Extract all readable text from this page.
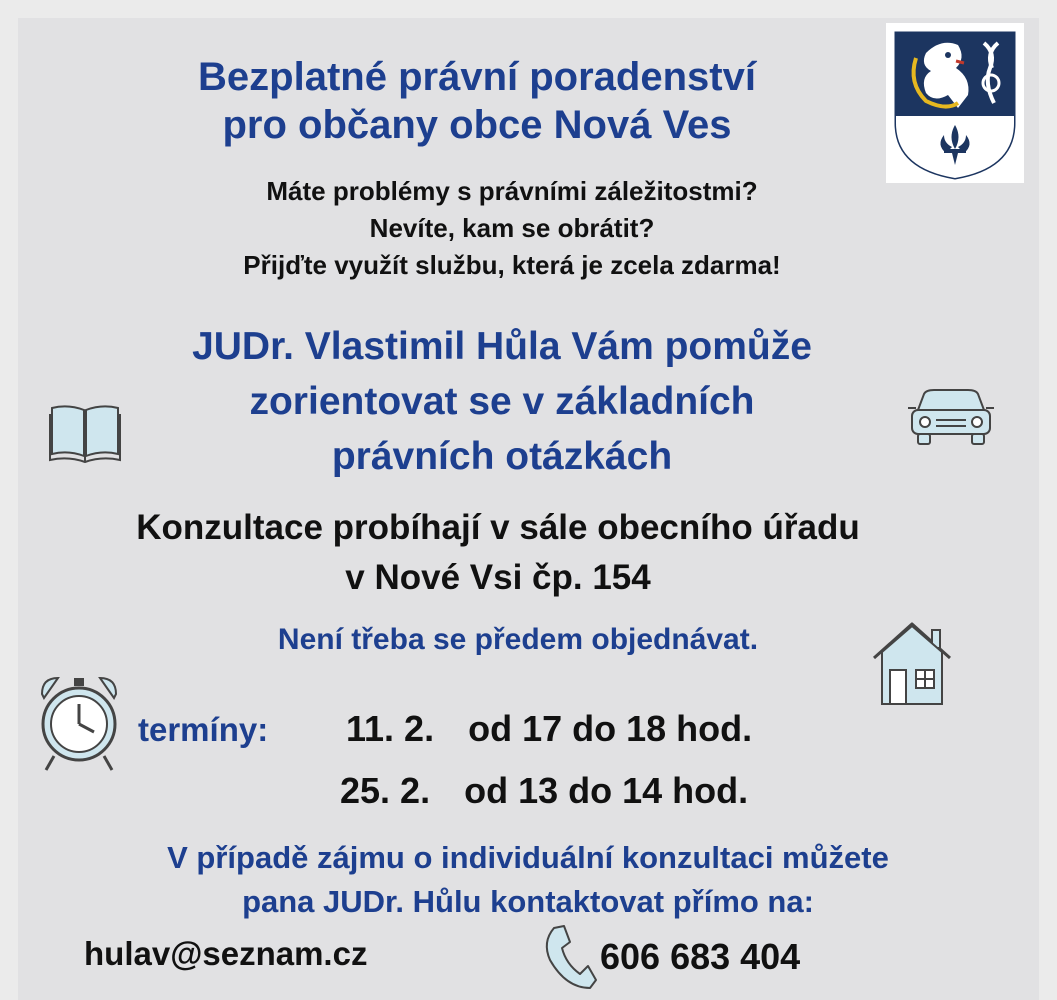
Bezplatné právní poradenství
pro občany obce Nová Ves
Máte problémy s právními záležitostmi?
Nevíte, kam se obrátit?
Přijďte využít službu, která je zcela zdarma!
JUDr. Vlastimil Hůla Vám pomůže
zorientovat se v základních
právních otázkách
Konzultace probíhají v sále obecního úřadu
v Nové Vsi čp. 154
Není třeba se předem objednávat.
termíny: 11. 2. od 17 do 18 hod.
25. 2. od 13 do 14 hod.
V případě zájmu o individuální konzultaci můžete
pana JUDr. Hůlu kontaktovat přímo na:
hulav@seznam.cz	606 683 404
